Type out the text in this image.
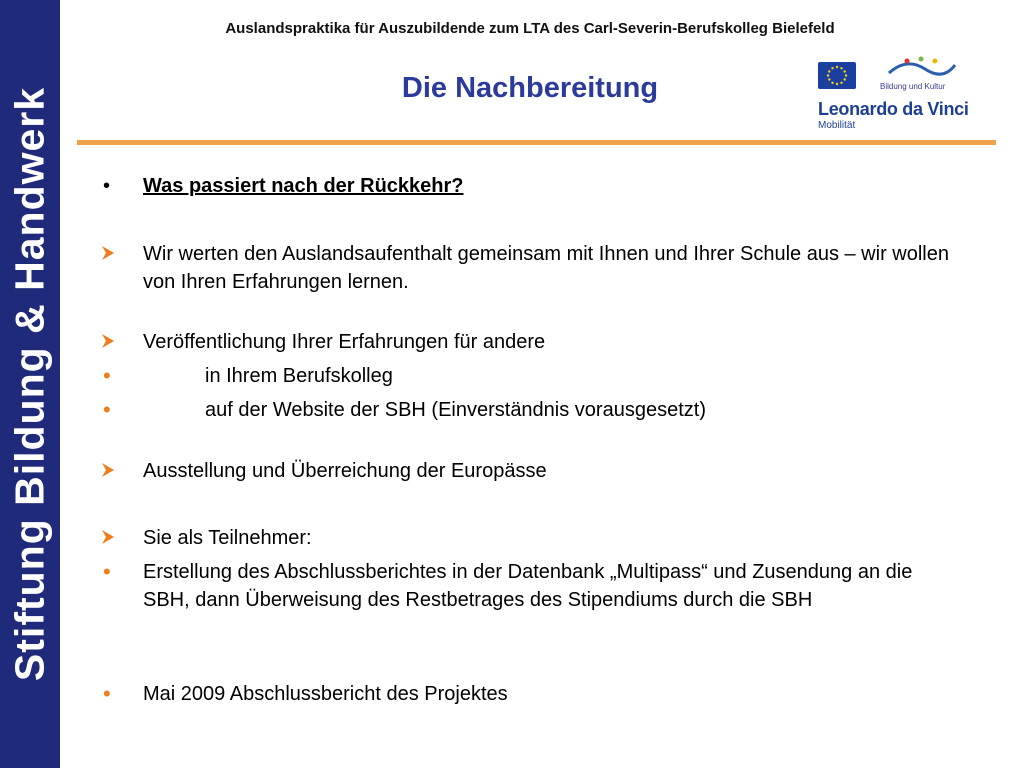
Stiftung Bildung & Handwerk
Auslandspraktika für Auszubildende zum LTA des Carl-Severin-Berufskolleg Bielefeld
Die Nachbereitung	Bildung und Kultur
Leonardo da Vinci
Mobilität
•	Was passiert nach der Rückkehr?
Wir werten den Auslandsaufenthalt gemeinsam mit Ihnen und Ihrer Schule aus – wir wollen von Ihren Erfahrungen lernen.
Veröffentlichung Ihrer Erfahrungen für andere
•	in Ihrem Berufskolleg
•	auf der Website der SBH (Einverständnis vorausgesetzt)
Ausstellung und Überreichung der Europässe
Sie als Teilnehmer:
•	Erstellung des Abschlussberichtes in der Datenbank „Multipass“ und Zusendung an die SBH, dann Überweisung des Restbetrages des Stipendiums durch die SBH
•	Mai 2009 Abschlussbericht des Projektes
